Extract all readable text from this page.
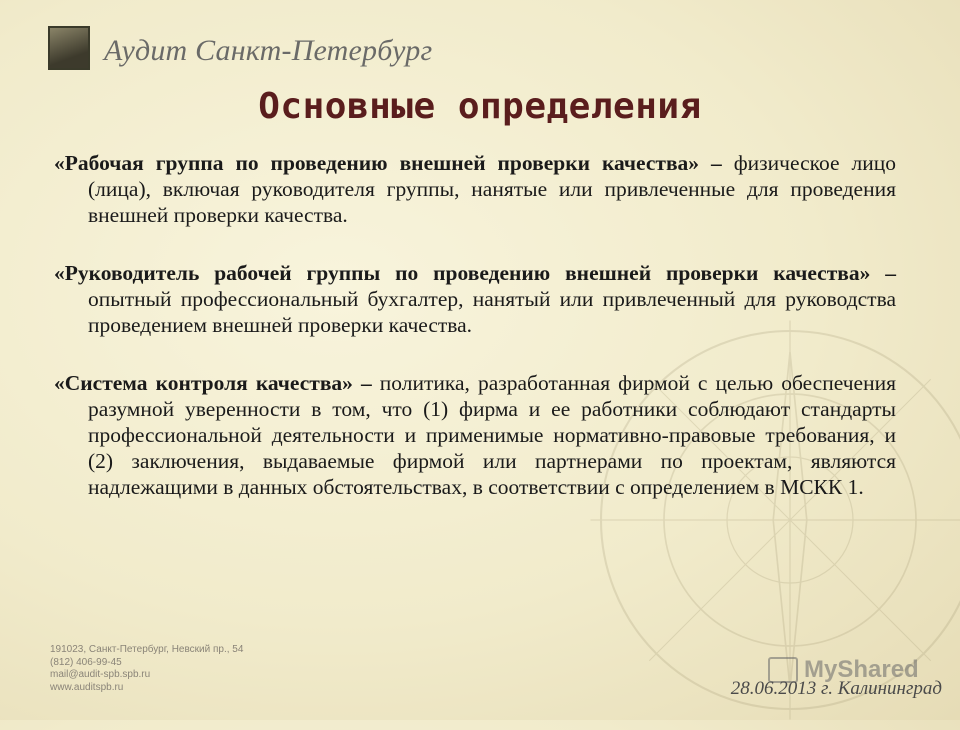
Аудит Санкт-Петербург
Основные определения

«Рабочая группа по проведению внешней проверки качества» – физическое лицо (лица), включая руководителя группы, нанятые или привлеченные для проведения внешней проверки качества.

«Руководитель рабочей группы по проведению внешней проверки качества» – опытный профессиональный бухгалтер, нанятый или привлеченный для руководства проведением внешней проверки качества.

«Система контроля качества» – политика, разработанная фирмой с целью обеспечения разумной уверенности в том, что (1) фирма и ее работники соблюдают стандарты профессиональной деятельности и применимые нормативно-правовые требования, и (2) заключения, выдаваемые фирмой или партнерами по проектам, являются надлежащими в данных обстоятельствах, в соответствии с определением в МСКК 1.

191023, Санкт-Петербург, Невский пр., 54
(812) 406-99-45
mail@audit-spb.spb.ru
www.auditspb.ru
MyShared
28.06.2013 г. Калининград
